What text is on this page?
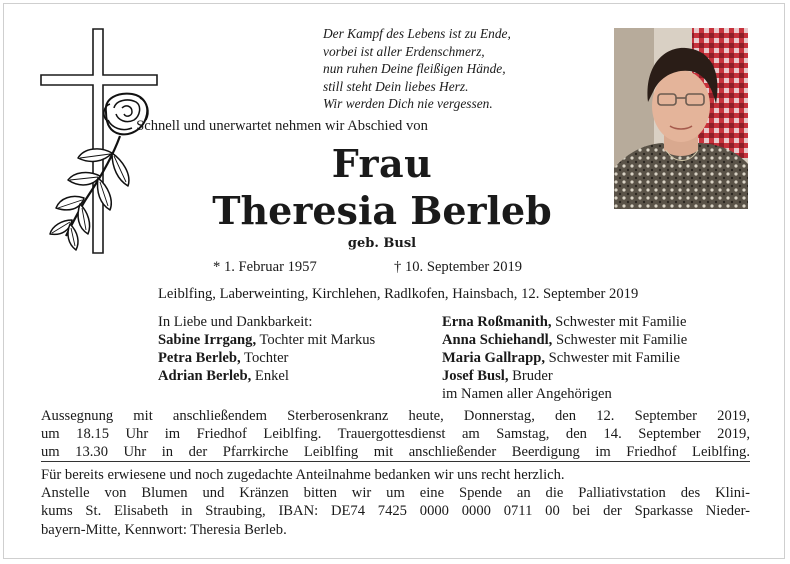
Der Kampf des Lebens ist zu Ende,
vorbei ist aller Erdenschmerz,
nun ruhen Deine fleißigen Hände,
still steht Dein liebes Herz.
Wir werden Dich nie vergessen.
Schnell und unerwartet nehmen wir Abschied von
Frau
Theresia Berleb
geb. Busl
* 1. Februar 1957	† 10. September 2019
Leiblfing, Laberweinting, Kirchlehen, Radlkofen, Hainsbach, 12. September 2019
In Liebe und Dankbarkeit:
Sabine Irrgang, Tochter mit Markus
Petra Berleb, Tochter
Adrian Berleb, Enkel
Erna Roßmanith, Schwester mit Familie
Anna Schiehandl, Schwester mit Familie
Maria Gallrapp, Schwester mit Familie
Josef Busl, Bruder
im Namen aller Angehörigen
Aussegnung mit anschließendem Sterberosenkranz heute, Donnerstag, den 12. September 2019,
um 18.15 Uhr im Friedhof Leiblfing. Trauergottesdienst am Samstag, den 14. September 2019,
um 13.30 Uhr in der Pfarrkirche Leiblfing mit anschließender Beerdigung im Friedhof Leiblfing.
Für bereits erwiesene und noch zugedachte Anteilnahme bedanken wir uns recht herzlich.
Anstelle von Blumen und Kränzen bitten wir um eine Spende an die Palliativstation des Klini-
kums St. Elisabeth in Straubing, IBAN: DE74 7425 0000 0000 0711 00 bei der Sparkasse Nieder-
bayern-Mitte, Kennwort: Theresia Berleb.
